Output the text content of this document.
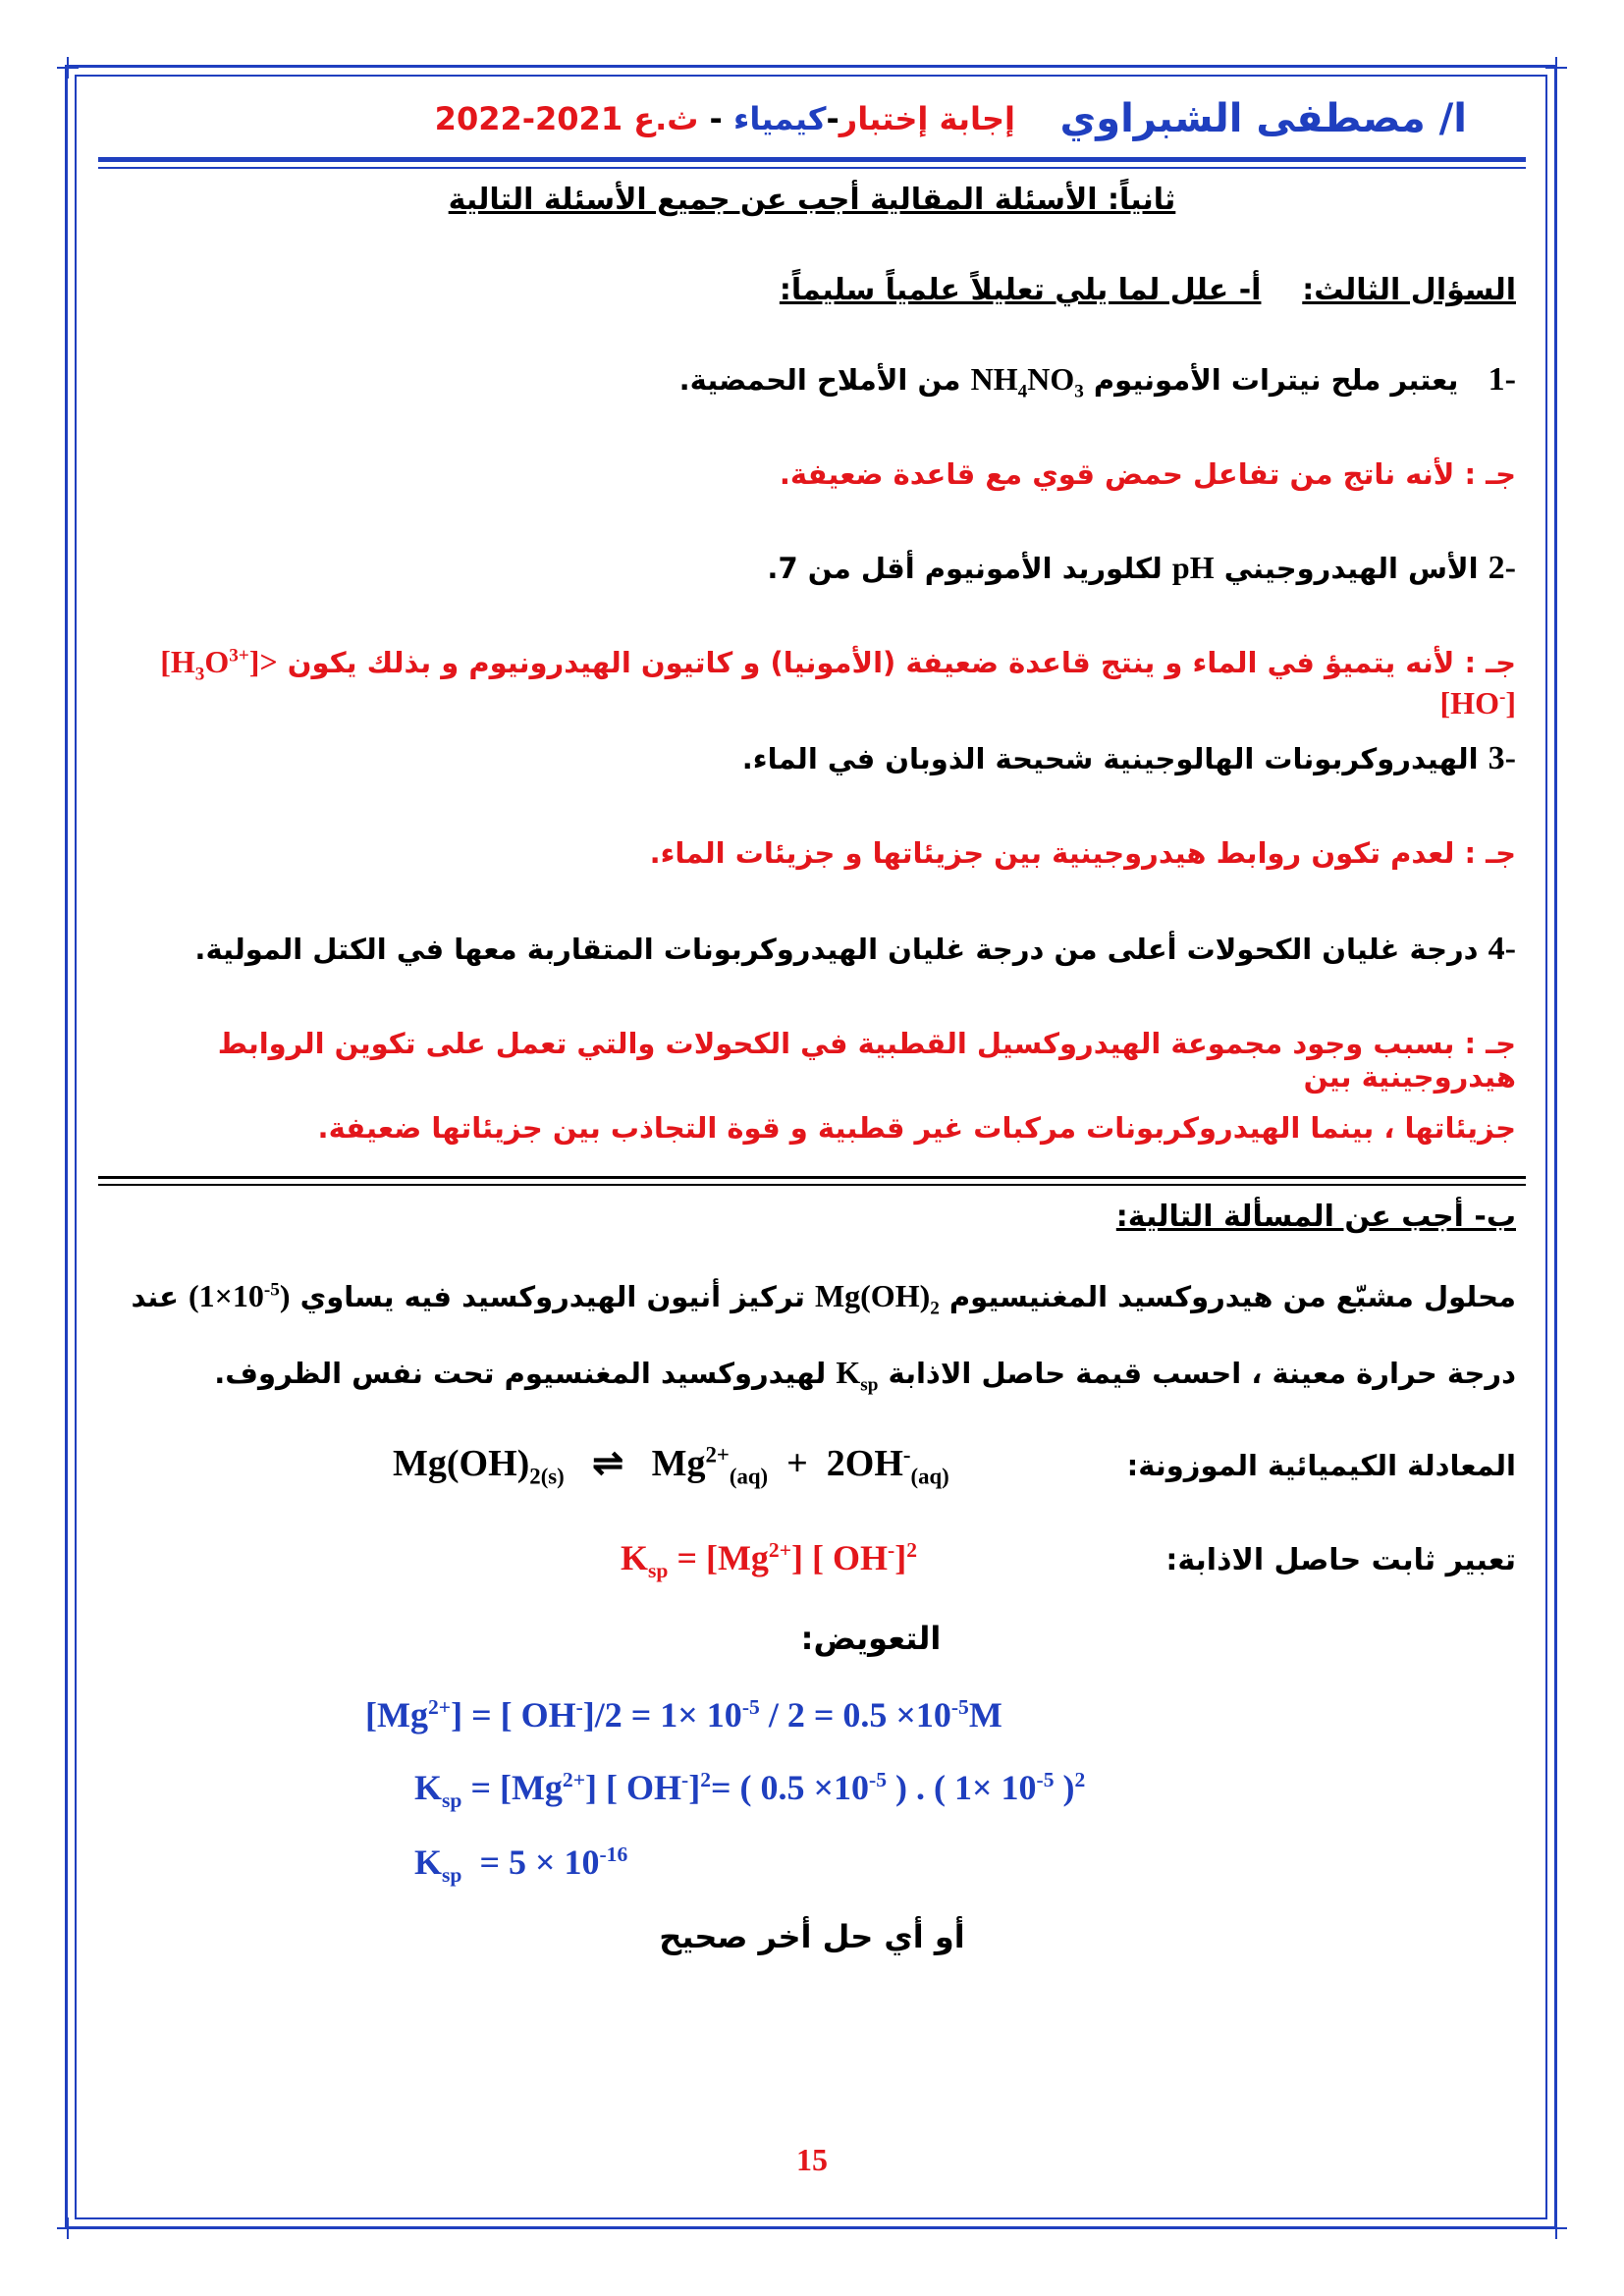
ا/ مصطفى الشبراوي
إجابة إختبار-كيمياء - ث.ع 2021-2022
ثانياً: الأسئلة المقالية أجب عن جميع الأسئلة التالية
السؤال الثالث:    أ- علل لما يلي تعليلاً علمياً سليماً:
1-   يعتبر ملح نيترات الأمونيوم $NH_4NO_3$ من الأملاح الحمضية.
جـ : لأنه ناتج من تفاعل حمض قوي مع قاعدة ضعيفة.
2- الأس الهيدروجيني pH لكلوريد الأمونيوم أقل من 7.
جـ : لأنه يتميؤ في الماء و ينتج قاعدة ضعيفة (الأمونيا) و كاتيون الهيدرونيوم و بذلك يكون $[H_3O^{3+}]>[HO^-]$
3- الهيدروكربونات الهالوجينية شحيحة الذوبان في الماء.
جـ : لعدم تكون روابط هيدروجينية بين جزيئاتها و جزيئات الماء.
4- درجة غليان الكحولات أعلى من درجة غليان الهيدروكربونات المتقاربة معها في الكتل المولية.
جـ : بسبب وجود مجموعة الهيدروكسيل القطبية في الكحولات والتي تعمل على تكوين الروابط هيدروجينية بين
جزيئاتها ، بينما الهيدروكربونات مركبات غير قطبية و قوة التجاذب بين جزيئاتها ضعيفة.
ب- أجب عن المسألة التالية:
محلول مشبّع من هيدروكسيد المغنيسيوم $Mg(OH)_2$ تركيز أنيون الهيدروكسيد فيه يساوي $(1\times 10^{-5})$ عند
درجة حرارة معينة ، احسب قيمة حاصل الاذابة $K_{sp}$ لهيدروكسيد المغنسيوم تحت نفس الظروف.
المعادلة الكيميائية الموزونة:
$Mg(OH)_{2(s)}$   ⇌   $Mg^{2+}_{(aq)} + 2OH^-_{(aq)}$
تعبير ثابت حاصل الاذابة:
$K_{sp} = [Mg^{2+}]$ [ OH-]$^2$
التعويض:
$[Mg^{2+}]$ = [ $OH^-]/2 = 1\times 10^{-5} / 2 = 0.5 \times 10^{-5}M$
$K_{sp} = [Mg^{2+}]$ [ OH-]$^2$= ( $0.5 \times 10^{-5}$ ) . ( $1\times 10^{-5}$ )$^2$
$K_{sp} = 5 \times 10^{-16}$
أو أي حل أخر صحيح
15
